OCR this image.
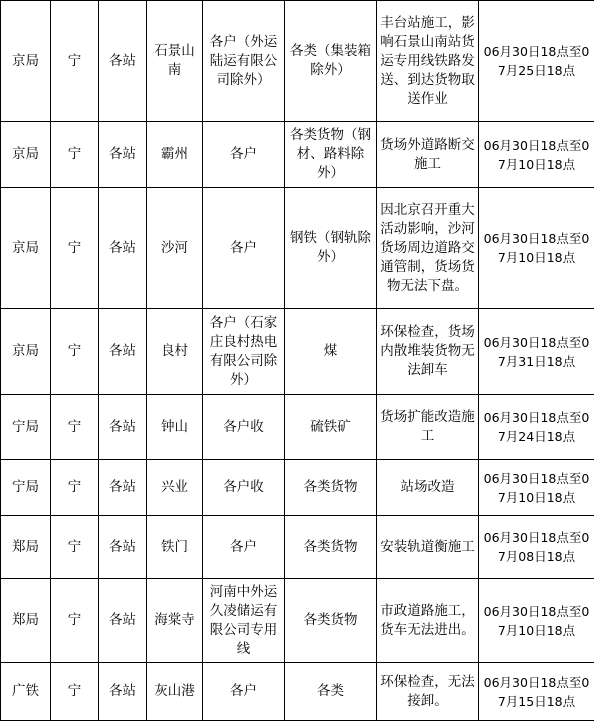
京局	宁	各站	石景山南	各户（外运陆运有限公司除外）	各类（集装箱除外）	丰台站施工，影响石景山南站货运专用线铁路发送、到达货物取送作业	06月30日18点至07月25日18点
京局	宁	各站	霸州	各户	各类货物（钢材、路料除外）	货场外道路断交施工	06月30日18点至07月10日18点
京局	宁	各站	沙河	各户	钢铁（钢轨除外）	因北京召开重大活动影响，沙河货场周边道路交通管制，货场货物无法下盘。	06月30日18点至07月10日18点
京局	宁	各站	良村	各户（石家庄良村热电有限公司除外）	煤	环保检查，货场内散堆装货物无法卸车	06月30日18点至07月31日18点
宁局	宁	各站	钟山	各户收	硫铁矿	货场扩能改造施工	06月30日18点至07月24日18点
宁局	宁	各站	兴业	各户收	各类货物	站场改造	06月30日18点至07月10日18点
郑局	宁	各站	铁门	各户	各类货物	安装轨道衡施工	06月30日18点至07月08日18点
郑局	宁	各站	海棠寺	河南中外运久凌储运有限公司专用线	各类货物	市政道路施工，货车无法进出。	06月30日18点至07月10日18点
广铁	宁	各站	灰山港	各户	各类	环保检查，无法接卸。	06月30日18点至07月15日18点
